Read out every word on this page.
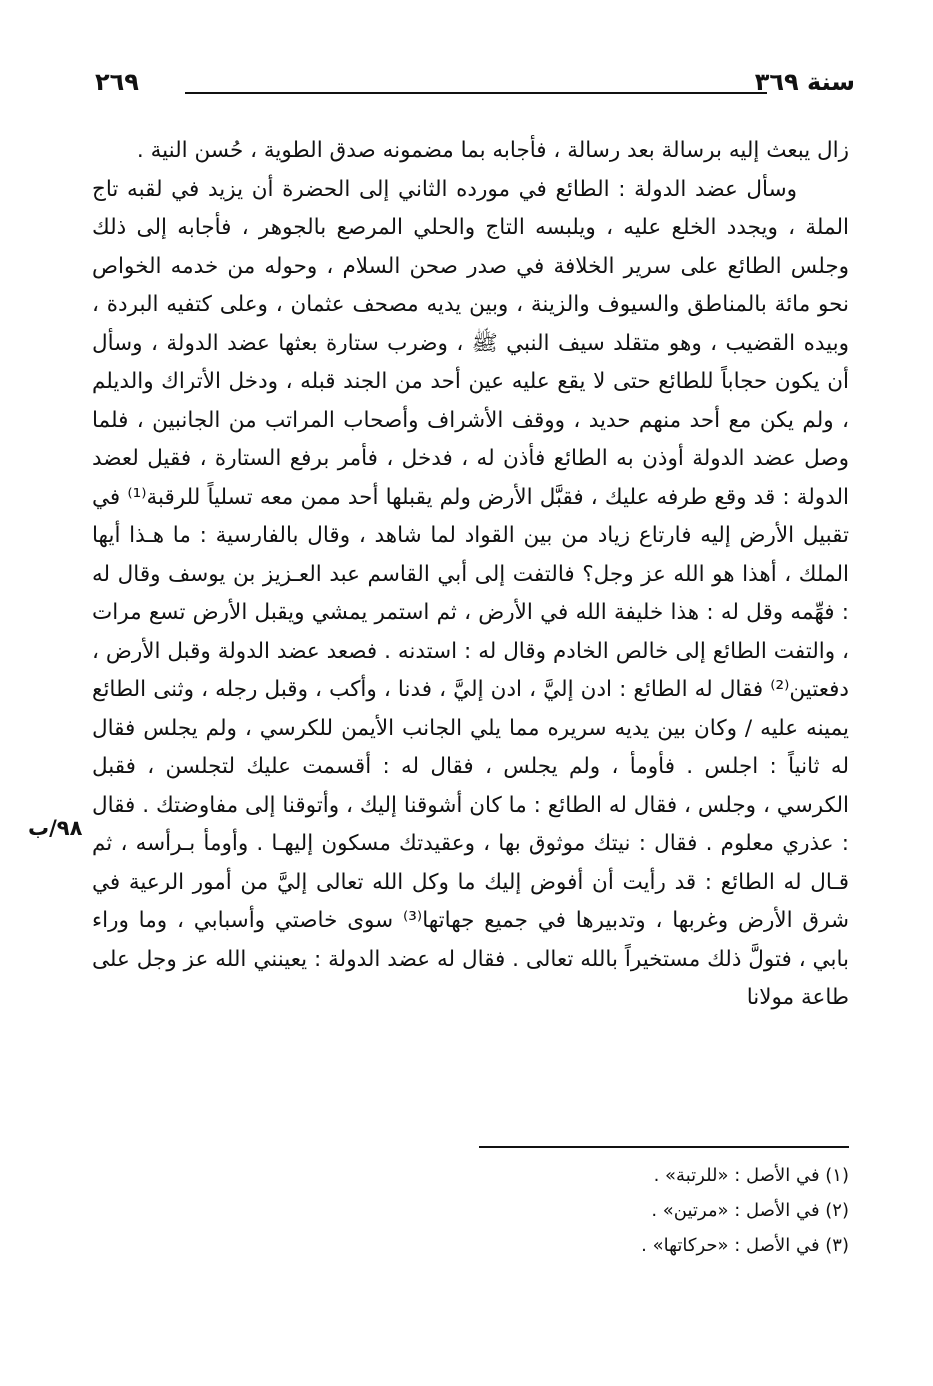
سنة ٣٦٩
٢٦٩

زال يبعث إليه برسالة بعد رسالة ، فأجابه بما مضمونه صدق الطوية ، حُسن النية .

وسأل عضد الدولة : الطائع في مورده الثاني إلى الحضرة أن يزيد في لقبه تاج الملة ، ويجدد الخلع عليه ، ويلبسه التاج والحلي المرصع بالجوهر ، فأجابه إلى ذلك وجلس الطائع على سرير الخلافة في صدر صحن السلام ، وحوله من خدمه الخواص نحو مائة بالمناطق والسيوف والزينة ، وبين يديه مصحف عثمان ، وعلى كتفيه البردة ، وبيده القضيب ، وهو متقلد سيف النبي ﷺ ، وضرب ستارة بعثها عضد الدولة ، وسأل أن يكون حجاباً للطائع حتى لا يقع عليه عين أحد من الجند قبله ، ودخل الأتراك والديلم ، ولم يكن مع أحد منهم حديد ، ووقف الأشراف وأصحاب المراتب من الجانبين ، فلما وصل عضد الدولة أوذن به الطائع فأذن له ، فدخل ، فأمر برفع الستارة ، فقيل لعضد الدولة : قد وقع طرفه عليك ، فقبَّل الأرض ولم يقبلها أحد ممن معه تسلياً للرقبة⁽¹⁾ في تقبيل الأرض إليه فارتاع زياد من بين القواد لما شاهد ، وقال بالفارسية : ما هـذا أيها الملك ، أهذا هو الله عز وجل؟ فالتفت إلى أبي القاسم عبد العـزيز بن يوسف وقال له : فهِّمه وقل له : هذا خليفة الله في الأرض ، ثم استمر يمشي ويقبل الأرض تسع مرات ، والتفت الطائع إلى خالص الخادم وقال له : استدنه . فصعد عضد الدولة وقبل الأرض ، دفعتين⁽²⁾ فقال له الطائع : ادن إليَّ ، ادن إليَّ ، فدنا ، وأكب ، وقبل رجله ، وثنى الطائع يمينه عليه / وكان بين يديه سريره مما يلي الجانب الأيمن للكرسي ، ولم يجلس فقال له ثانياً : اجلس . فأومأ ، ولم يجلس ، فقال له : أقسمت عليك لتجلسن ، فقبل الكرسي ، وجلس ، فقال له الطائع : ما كان أشوقنا إليك ، وأتوقنا إلى مفاوضتك . فقال : عذري معلوم . فقال : نيتك موثوق بها ، وعقيدتك مسكون إليهـا . وأومأ بـرأسه ، ثم قـال له الطائع : قد رأيت أن أفوض إليك ما وكل الله تعالى إليَّ من أمور الرعية في شرق الأرض وغربها ، وتدبيرها في جميع جهاتها⁽³⁾ سوى خاصتي وأسبابي ، وما وراء بابي ، فتولَّ ذلك مستخيراً بالله تعالى . فقال له عضد الدولة : يعينني الله عز وجل على طاعة مولانا

٩٨/ب
(١) في الأصل : «للرتبة» .
(٢) في الأصل : «مرتين» .
(٣) في الأصل : «حركاتها» .
